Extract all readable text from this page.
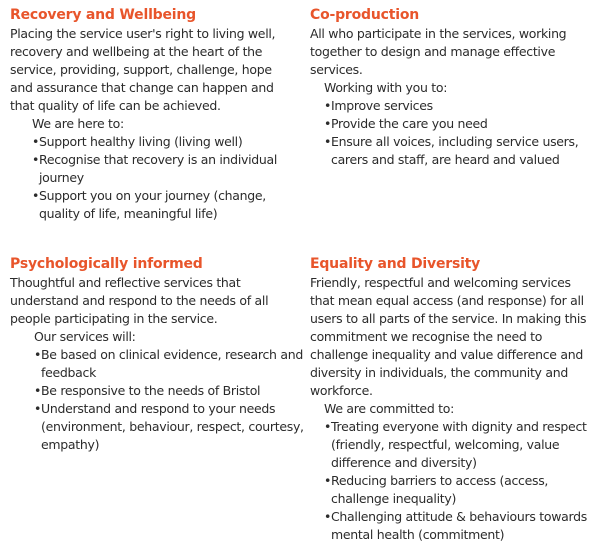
Recovery and Wellbeing

Placing the service user's right to living well, recovery and wellbeing at the heart of the service, providing, support, challenge, hope and assurance that change can happen and that quality of life can be achieved.

We are here to:

• Support healthy living (living well)
• Recognise that recovery is an individual journey
• Support you on your journey (change, quality of life, meaningful life)
Co-production

All who participate in the services, working together to design and manage effective services.

Working with you to:

• Improve services
• Provide the care you need
• Ensure all voices, including service users, carers and staff, are heard and valued
Psychologically informed

Thoughtful and reflective services that understand and respond to the needs of all people participating in the service.

Our services will:

• Be based on clinical evidence, research and feedback
• Be responsive to the needs of Bristol
• Understand and respond to your needs (environment, behaviour, respect, courtesy, empathy)
Equality and Diversity

Friendly, respectful and welcoming services that mean equal access (and response) for all users to all parts of the service. In making this commitment we recognise the need to challenge inequality and value difference and diversity in individuals, the community and workforce.

We are committed to:

• Treating everyone with dignity and respect (friendly, respectful, welcoming, value difference and diversity)
• Reducing barriers to access (access, challenge inequality)
• Challenging attitude & behaviours towards mental health (commitment)
